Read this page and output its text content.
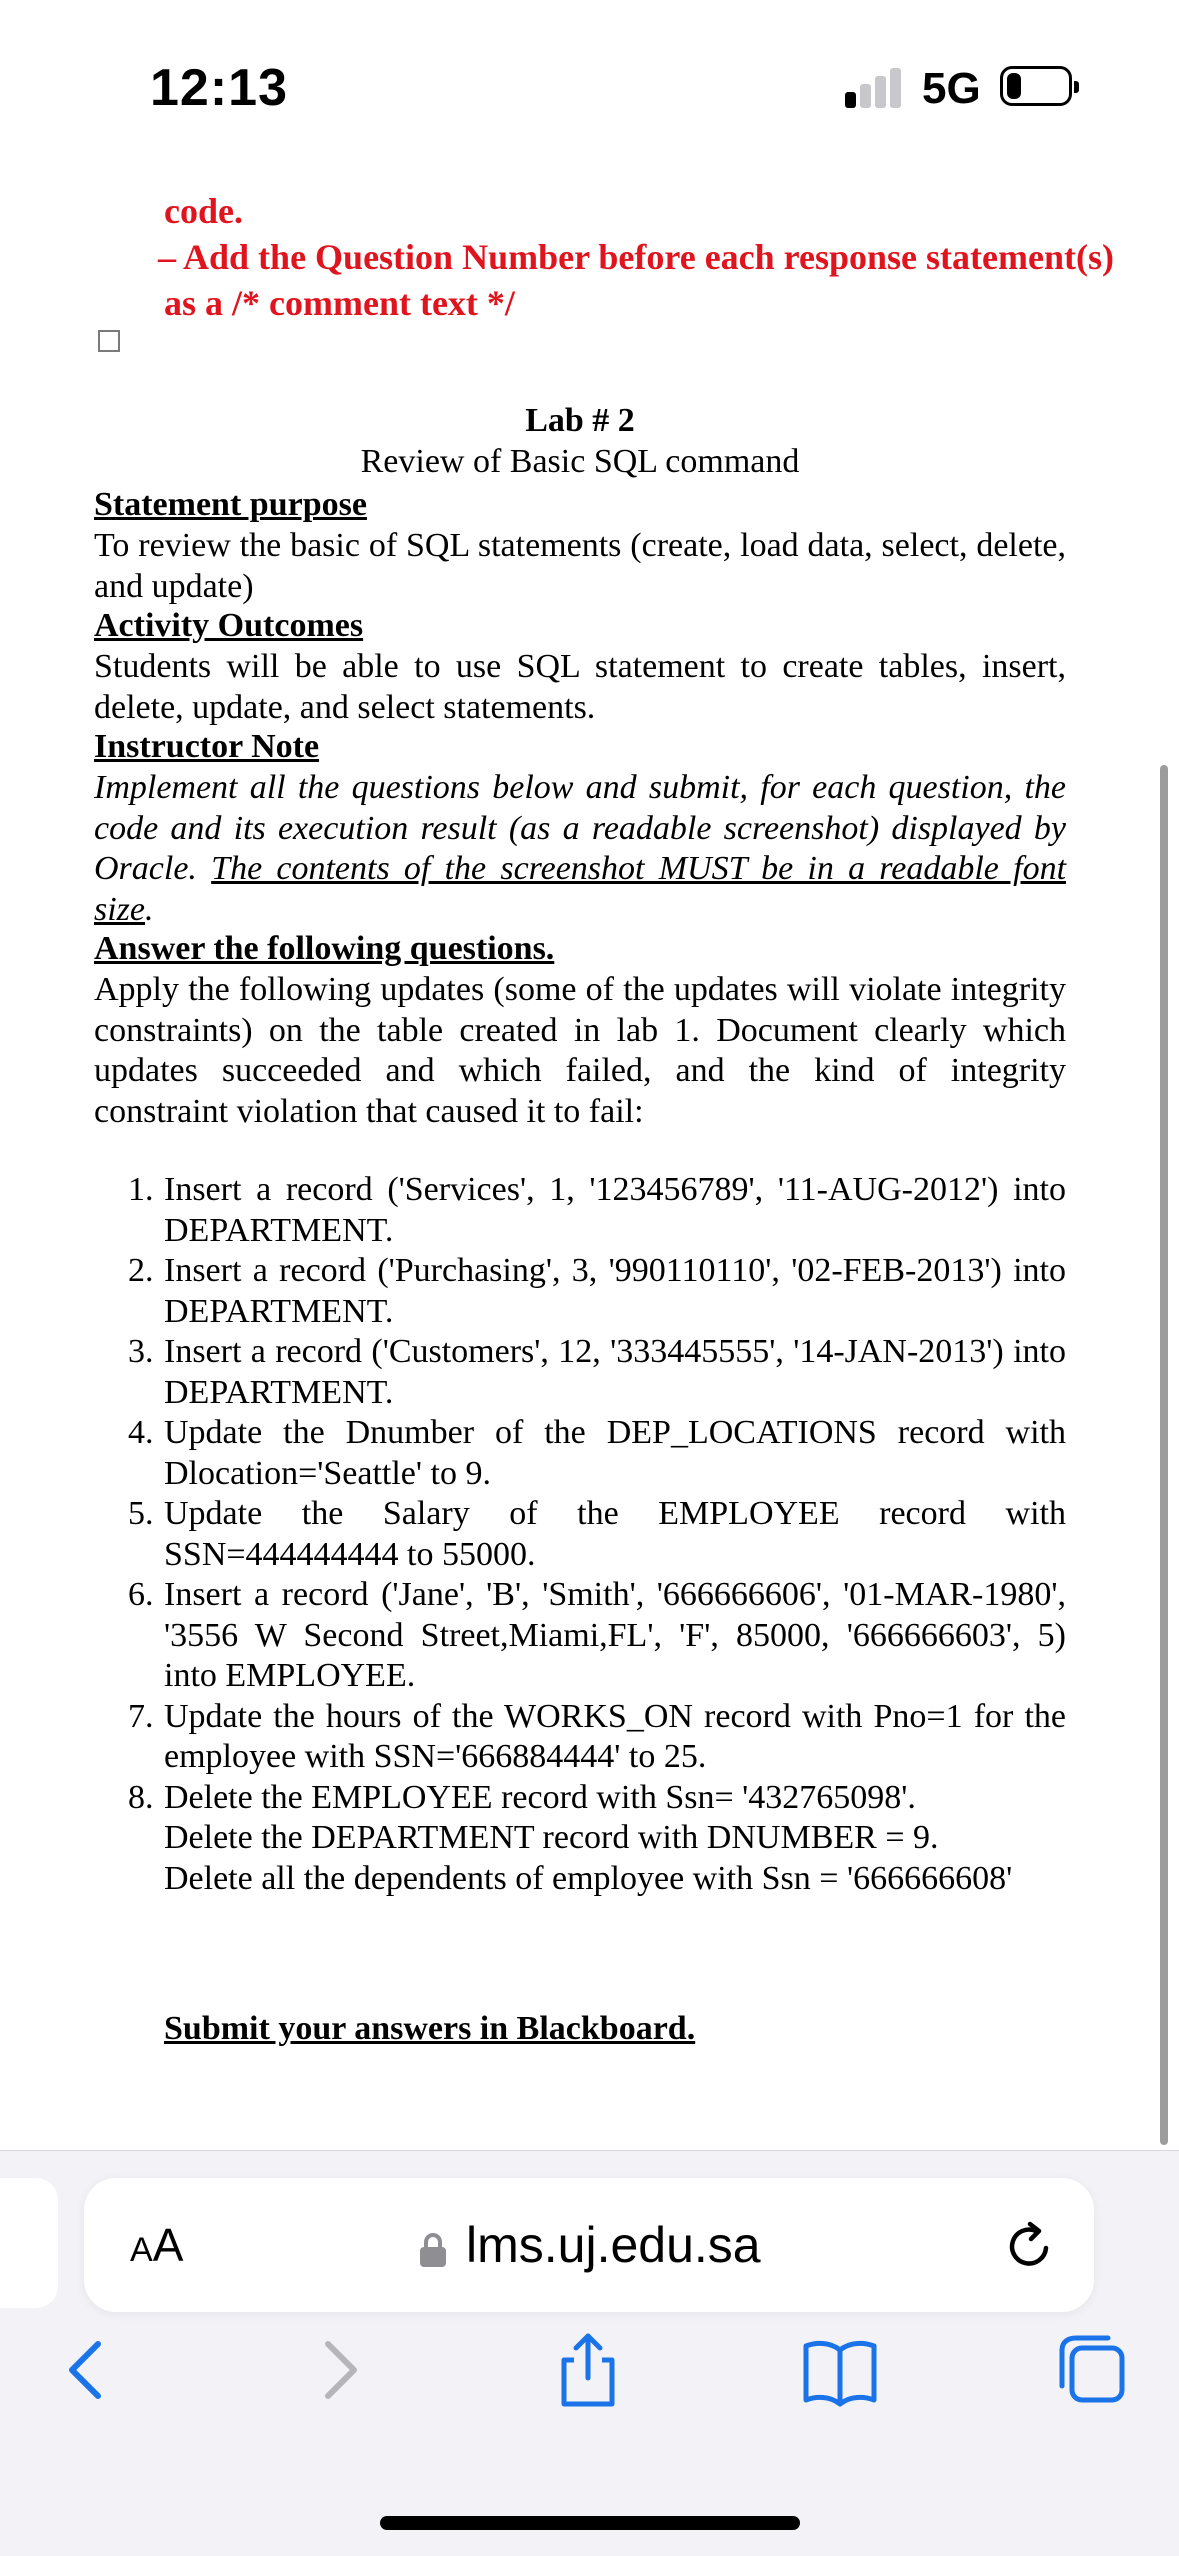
12:13	5G
code.
– Add the Question Number before each response statement(s)
as a /* comment text */
Lab # 2
Review of Basic SQL command
Statement purpose
To review the basic of SQL statements (create, load data, select, delete, and update)
Activity Outcomes
Students will be able to use SQL statement to create tables, insert, delete, update, and select statements.
Instructor Note
Implement all the questions below and submit, for each question, the code and its execution result (as a readable screenshot) displayed by Oracle. The contents of the screenshot MUST be in a readable font size.
Answer the following questions.
Apply the following updates (some of the updates will violate integrity constraints) on the table created in lab 1. Document clearly which updates succeeded and which failed, and the kind of integrity constraint violation that caused it to fail:
1. Insert a record ('Services', 1, '123456789', '11-AUG-2012') into DEPARTMENT.
2. Insert a record ('Purchasing', 3, '990110110', '02-FEB-2013') into DEPARTMENT.
3. Insert a record ('Customers', 12, '333445555', '14-JAN-2013') into DEPARTMENT.
4. Update the Dnumber of the DEP_LOCATIONS record with Dlocation='Seattle' to 9.
5. Update the Salary of the EMPLOYEE record with SSN=444444444 to 55000.
6. Insert a record ('Jane', 'B', 'Smith', '666666606', '01-MAR-1980', '3556 W Second Street,Miami,FL', 'F', 85000, '666666603', 5) into EMPLOYEE.
7. Update the hours of the WORKS_ON record with Pno=1 for the employee with SSN='666884444' to 25.
8. Delete the EMPLOYEE record with Ssn= '432765098'.
Delete the DEPARTMENT record with DNUMBER = 9.
Delete all the dependents of employee with Ssn = '666666608'
Submit your answers in Blackboard.
AA	lms.uj.edu.sa
